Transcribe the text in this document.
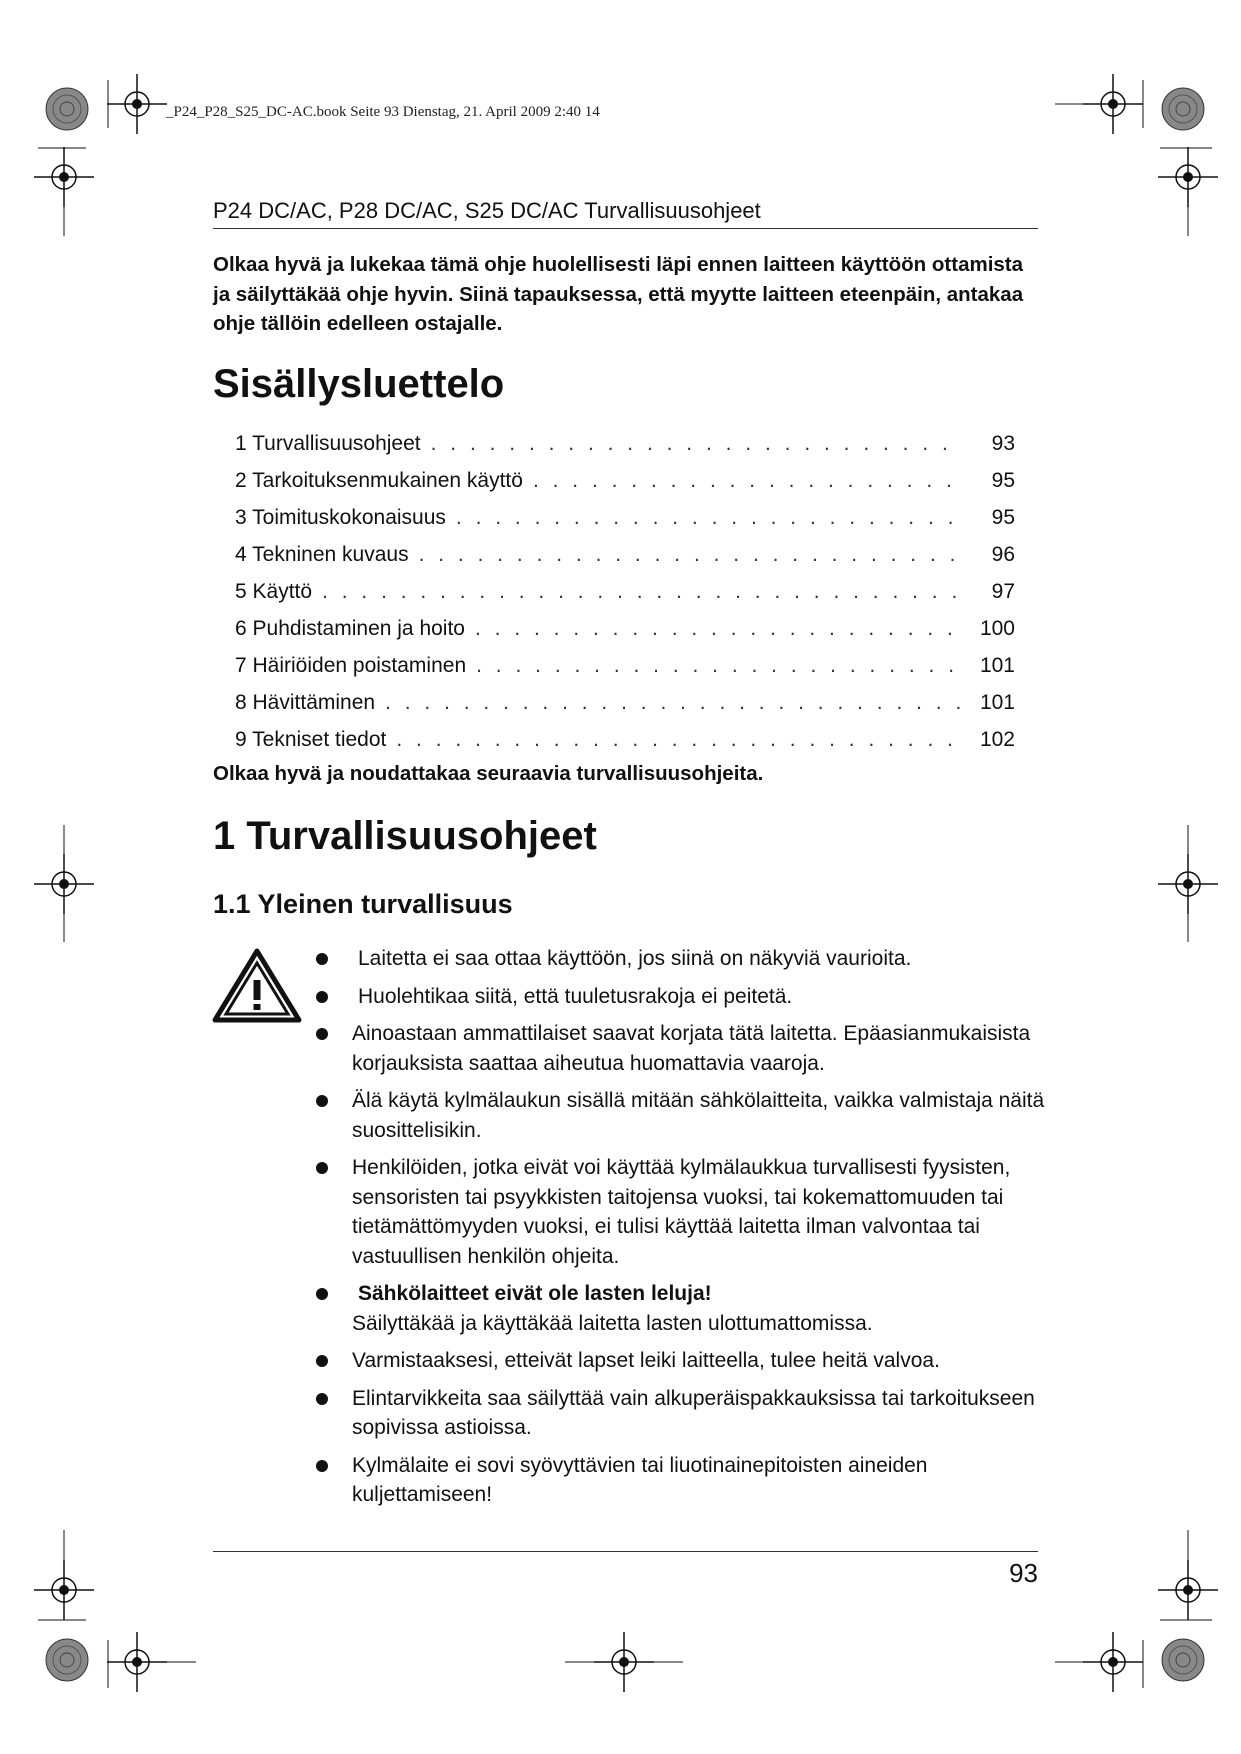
_P24_P28_S25_DC-AC.book Seite 93 Dienstag, 21. April 2009 2:40 14
P24 DC/AC, P28 DC/AC, S25 DC/AC Turvallisuusohjeet
Olkaa hyvä ja lukekaa tämä ohje huolellisesti läpi ennen laitteen käyttöön ottamista ja säilyttäkää ohje hyvin. Siinä tapauksessa, että myytte laitteen eteenpäin, antakaa ohje tällöin edelleen ostajalle.
Sisällysluettelo
1 Turvallisuusohjeet . . .	93
2 Tarkoituksenmukainen käyttö . . .	95
3 Toimituskokonaisuus . . .	95
4 Tekninen kuvaus . . .	96
5 Käyttö . . .	97
6 Puhdistaminen ja hoito . . .	100
7 Häiriöiden poistaminen . . .	101
8 Hävittäminen . . .	101
9 Tekniset tiedot . . .	102
Olkaa hyvä ja noudattakaa seuraavia turvallisuusohjeita.
1 Turvallisuusohjeet
1.1 Yleinen turvallisuus
Laitetta ei saa ottaa käyttöön, jos siinä on näkyviä vaurioita.
Huolehtikaa siitä, että tuuletusrakoja ei peitetä.
Ainoastaan ammattilaiset saavat korjata tätä laitetta. Epäasianmukaisista korjauksista saattaa aiheutua huomattavia vaaroja.
Älä käytä kylmälaukun sisällä mitään sähkölaitteita, vaikka valmistaja näitä suosittelisikin.
Henkilöiden, jotka eivät voi käyttää kylmälaukkua turvallisesti fyysisten, sensoristen tai psyykkisten taitojensa vuoksi, tai kokemattomuuden tai tietämättömyyden vuoksi, ei tulisi käyttää laitetta ilman valvontaa tai vastuullisen henkilön ohjeita.
Sähkölaitteet eivät ole lasten leluja!
Säilyttäkää ja käyttäkää laitetta lasten ulottumattomissa.
Varmistaaksesi, etteivät lapset leiki laitteella, tulee heitä valvoa.
Elintarvikkeita saa säilyttää vain alkuperäispakkauksissa tai tarkoitukseen sopivissa astioissa.
Kylmälaite ei sovi syövyttävien tai liuotinainepitoisten aineiden kuljettamiseen!
93
